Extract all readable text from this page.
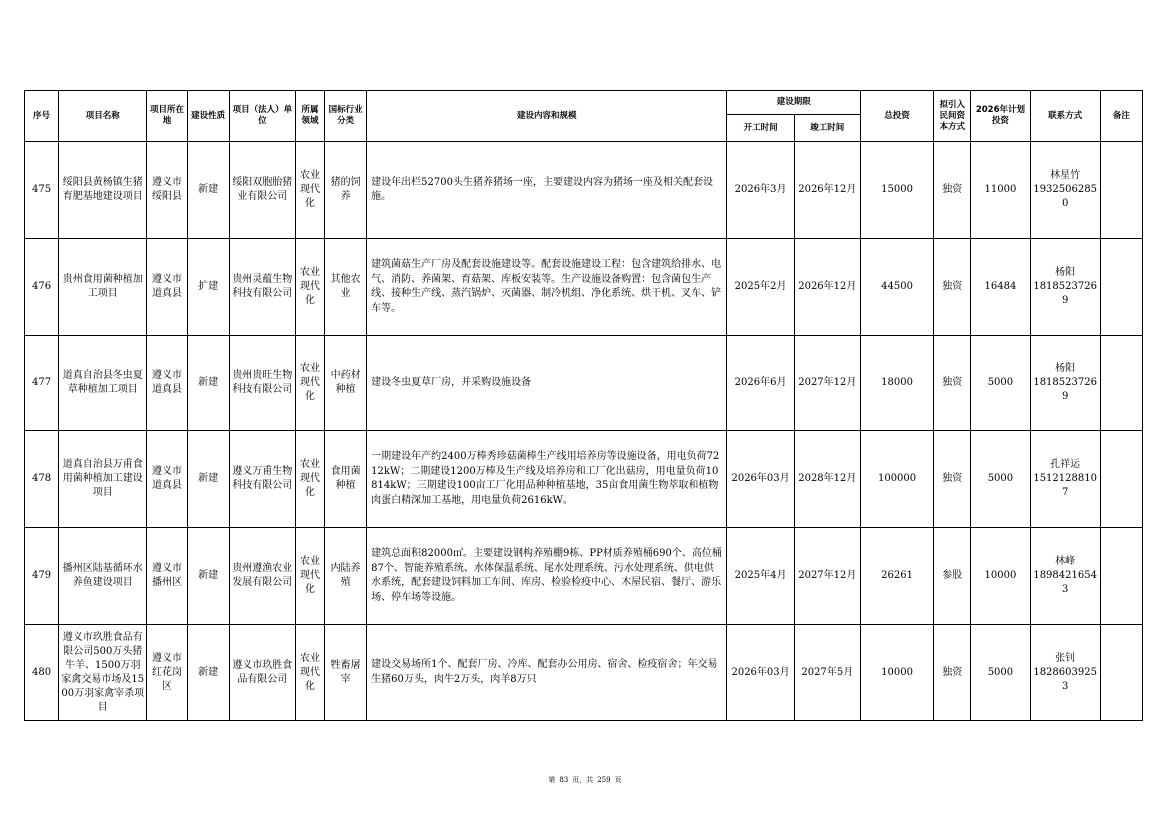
序号	项目名称	项目所在地	建设性质	项目（法人）单位	所属领域	国标行业分类	建设内容和规模	建设期限		总投资	拟引入民间资本方式	2026年计划投资	联系方式	备注
								开工时间	竣工时间					
475	绥阳县黄杨镇生猪育肥基地建设项目	遵义市绥阳县	新建	绥阳双胞胎猪业有限公司	农业现代化	猪的饲养	建设年出栏52700头生猪养猪场一座，主要建设内容为猪场一座及相关配套设施。	2026年3月	2026年12月	15000	独资	11000	林星竹
19325062850	
476	贵州食用菌种植加工项目	遵义市道真县	扩建	贵州灵蕴生物科技有限公司	农业现代化	其他农业	建筑菌菇生产厂房及配套设施建设等。配套设施建设工程：包含建筑给排水、电气、消防、养菌架、育菇架、库板安装等。生产设施设备购置：包含菌包生产线、接种生产线、蒸汽锅炉、灭菌器、制冷机组、净化系统、烘干机、叉车、铲车等。	2025年2月	2026年12月	44500	独资	16484	杨阳
18185237269	
477	道真自治县冬虫夏草种植加工项目	遵义市道真县	新建	贵州贵旺生物科技有限公司	农业现代化	中药材种植	建设冬虫夏草厂房，并采购设施设备	2026年6月	2027年12月	18000	独资	5000	杨阳
18185237269	
478	道真自治县万甫食用菌种植加工建设项目	遵义市道真县	新建	遵义万甫生物科技有限公司	农业现代化	食用菌种植	一期建设年产约2400万棒秀珍菇菌棒生产线用培养房等设施设备，用电负荷7212kW；二期建设1200万棒及生产线及培养房和工厂化出菇房，用电量负荷10814kW；三期建设100亩工厂化用品种种植基地，35亩食用菌生物萃取和植物肉蛋白精深加工基地，用电量负荷2616kW。	2026年03月	2028年12月	100000	独资	5000	孔祥运
15121288107	
479	播州区陆基循环水养鱼建设项目	遵义市播州区	新建	贵州遵渔农业发展有限公司	农业现代化	内陆养殖	建筑总面积82000㎡。主要建设钢构养殖棚9栋、PP材质养殖桶690个、高位桶87个、智能养殖系统、水体保温系统、尾水处理系统、污水处理系统、供电供水系统，配套建设饲料加工车间、库房、检验检疫中心、木屋民宿、餐厅、游乐场、停车场等设施。	2025年4月	2027年12月	26261	参股	10000	林峰
18984216543	
480	遵义市玖胜食品有限公司500万头猪牛羊、1500万羽家禽交易市场及1500万羽家禽宰杀项目	遵义市红花岗区	新建	遵义市玖胜食品有限公司	农业现代化	牲畜屠宰	建设交易场所1个、配套厂房、冷库、配套办公用房、宿舍、检疫宿舍；年交易生猪60万头，肉牛2万头，肉羊8万只	2026年03月	2027年5月	10000	独资	5000	张钊
18286039253	
第 83 页，共 259 页
